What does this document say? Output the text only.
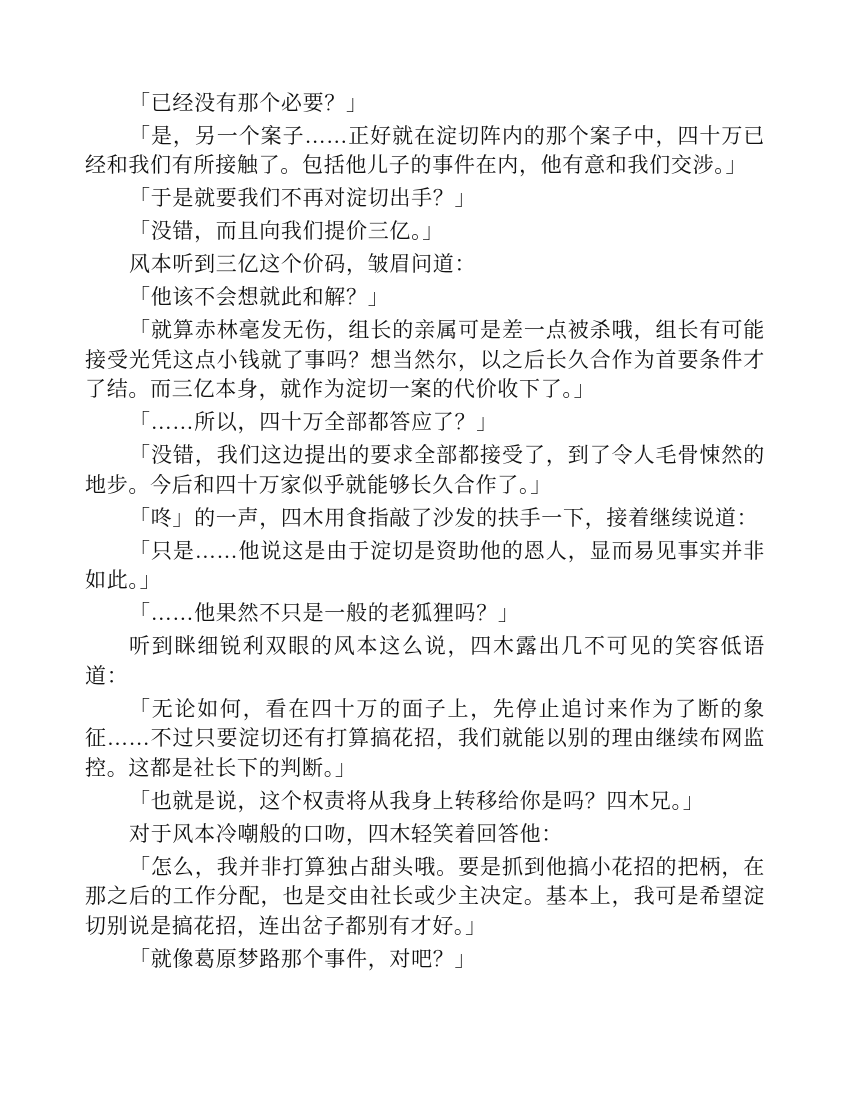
「已经没有那个必要？」

「是，另一个案子……正好就在淀切阵内的那个案子中，四十万已经和我们有所接触了。包括他儿子的事件在内，他有意和我们交涉。」

「于是就要我们不再对淀切出手？」

「没错，而且向我们提价三亿。」

风本听到三亿这个价码，皱眉问道：

「他该不会想就此和解？」

「就算赤林毫发无伤，组长的亲属可是差一点被杀哦，组长有可能接受光凭这点小钱就了事吗？想当然尔，以之后长久合作为首要条件才了结。而三亿本身，就作为淀切一案的代价收下了。」

「……所以，四十万全部都答应了？」

「没错，我们这边提出的要求全部都接受了，到了令人毛骨悚然的地步。今后和四十万家似乎就能够长久合作了。」

「咚」的一声，四木用食指敲了沙发的扶手一下，接着继续说道：

「只是……他说这是由于淀切是资助他的恩人，显而易见事实并非如此。」

「……他果然不只是一般的老狐狸吗？」

听到眯细锐利双眼的风本这么说，四木露出几不可见的笑容低语道：

「无论如何，看在四十万的面子上，先停止追讨来作为了断的象征……不过只要淀切还有打算搞花招，我们就能以别的理由继续布网监控。这都是社长下的判断。」

「也就是说，这个权责将从我身上转移给你是吗？四木兄。」

对于风本冷嘲般的口吻，四木轻笑着回答他：

「怎么，我并非打算独占甜头哦。要是抓到他搞小花招的把柄，在那之后的工作分配，也是交由社长或少主决定。基本上，我可是希望淀切别说是搞花招，连出岔子都别有才好。」

「就像葛原梦路那个事件，对吧？」
